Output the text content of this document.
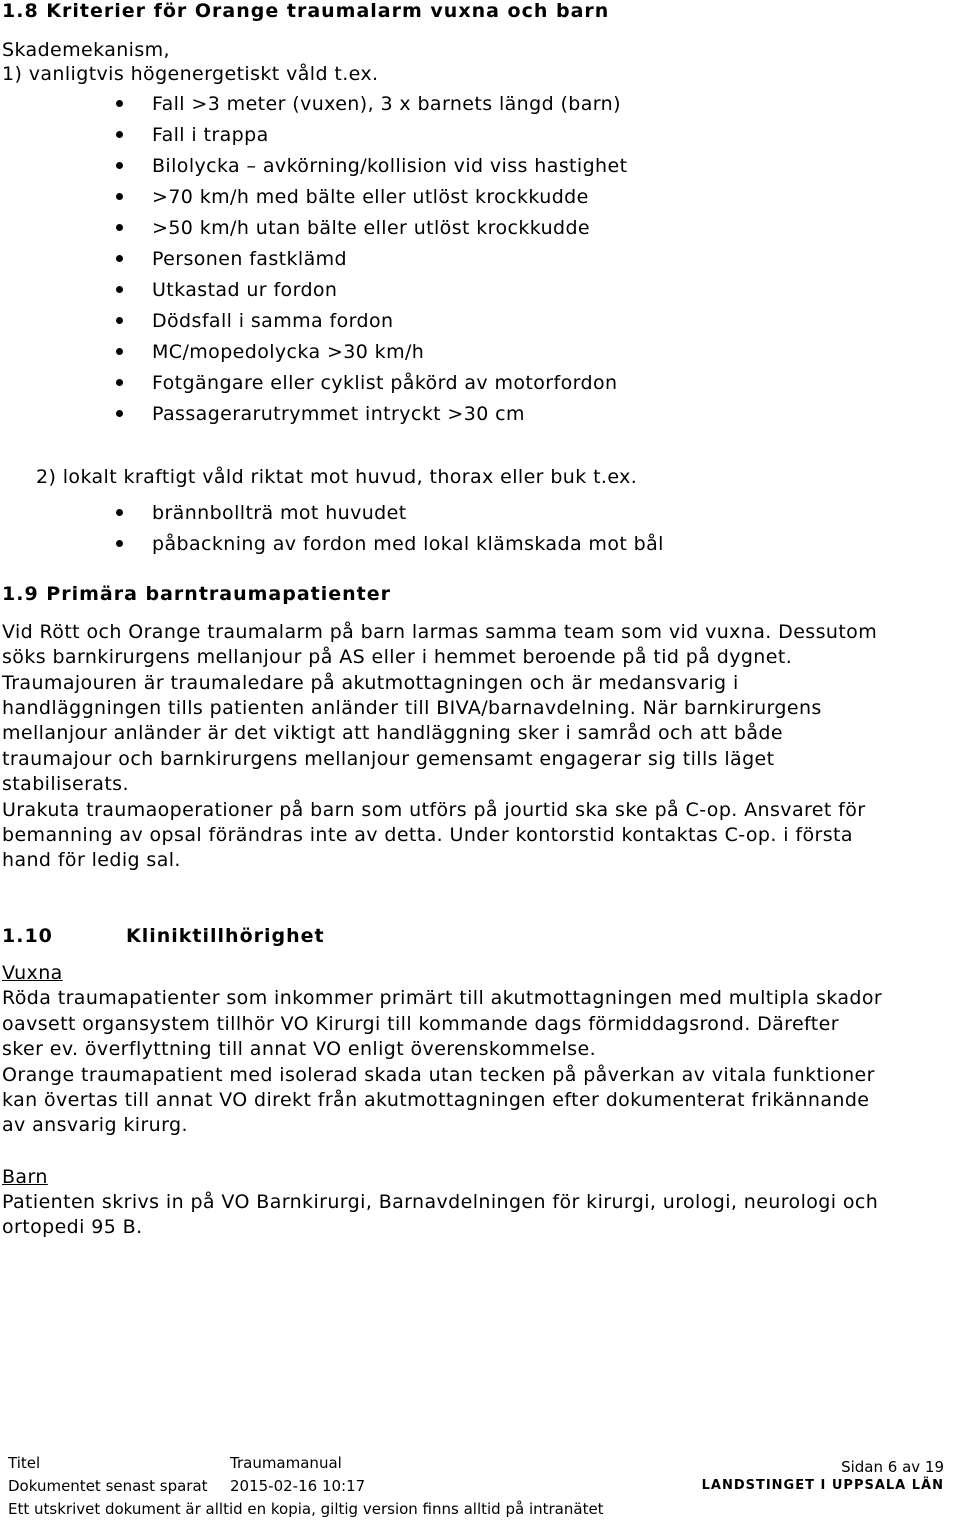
1.8 Kriterier för Orange traumalarm vuxna och barn
Skademekanism,
1) vanligtvis högenergetiskt våld t.ex.
Fall >3 meter (vuxen), 3 x barnets längd (barn)
Fall i trappa
Bilolycka – avkörning/kollision vid viss hastighet
>70 km/h med bälte eller utlöst krockkudde
>50 km/h utan bälte eller utlöst krockkudde
Personen fastklämd
Utkastad ur fordon
Dödsfall i samma fordon
MC/mopedolycka >30 km/h
Fotgängare eller cyklist påkörd av motorfordon
Passagerarutrymmet intryckt >30 cm
2) lokalt kraftigt våld riktat mot huvud, thorax eller buk t.ex.
brännbollträ mot huvudet
påbackning av fordon med lokal klämskada mot bål
1.9 Primära barntraumapatienter
Vid Rött och Orange traumalarm på barn larmas samma team som vid vuxna. Dessutom
söks barnkirurgens mellanjour på AS eller i hemmet beroende på tid på dygnet.
Traumajouren är traumaledare på akutmottagningen och är medansvarig i
handläggningen tills patienten anländer till BIVA/barnavdelning. När barnkirurgens
mellanjour anländer är det viktigt att handläggning sker i samråd och att både
traumajour och barnkirurgens mellanjour gemensamt engagerar sig tills läget
stabiliserats.
Urakuta traumaoperationer på barn som utförs på jourtid ska ske på C-op. Ansvaret för
bemanning av opsal förändras inte av detta. Under kontorstid kontaktas C-op. i första
hand för ledig sal.
1.10	Kliniktillhörighet
Vuxna
Röda traumapatienter som inkommer primärt till akutmottagningen med multipla skador
oavsett organsystem tillhör VO Kirurgi till kommande dags förmiddagsrond. Därefter
sker ev. överflyttning till annat VO enligt överenskommelse.
Orange traumapatient med isolerad skada utan tecken på påverkan av vitala funktioner
kan övertas till annat VO direkt från akutmottagningen efter dokumenterat frikännande
av ansvarig kirurg.
Barn
Patienten skrivs in på VO Barnkirurgi, Barnavdelningen för kirurgi, urologi, neurologi och
ortopedi 95 B.
Titel	Traumamanual	Sidan 6 av 19
Dokumentet senast sparat 2015-02-16 10:17	LANDSTINGET I UPPSALA LÄN
Ett utskrivet dokument är alltid en kopia, giltig version finns alltid på intranätet
